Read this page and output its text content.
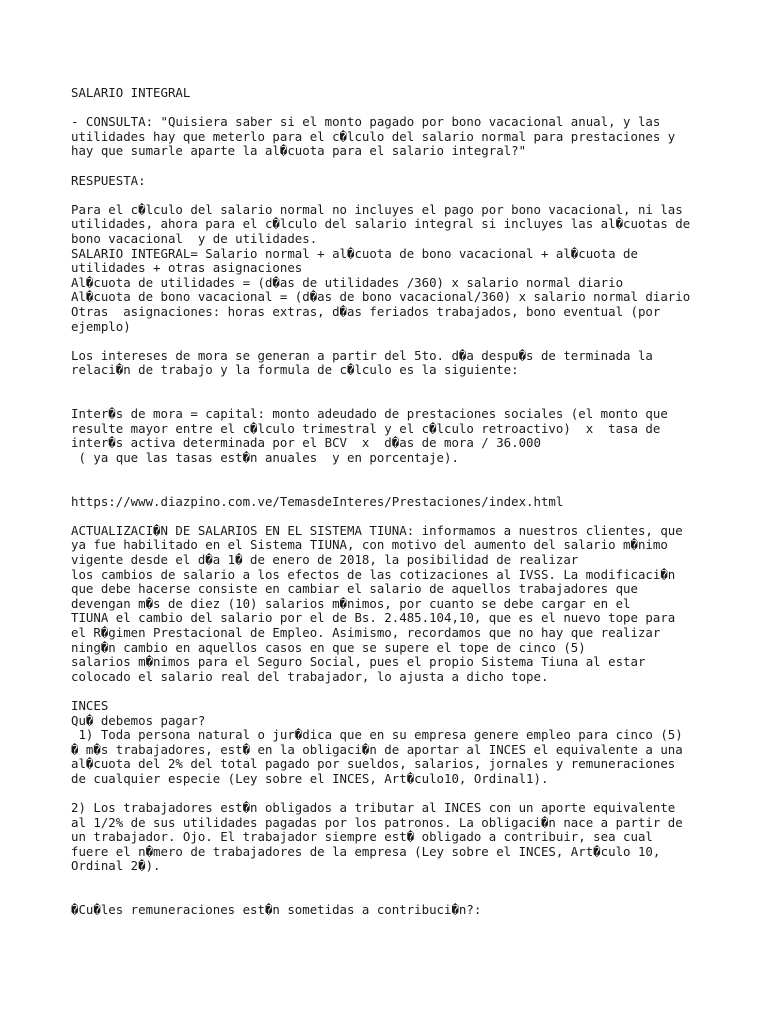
SALARIO INTEGRAL
- CONSULTA: "Quisiera saber si el monto pagado por bono vacacional anual, y las
utilidades hay que meterlo para el c�lculo del salario normal para prestaciones y
hay que sumarle aparte la al�cuota para el salario integral?"
RESPUESTA:
Para el c�lculo del salario normal no incluyes el pago por bono vacacional, ni las
utilidades, ahora para el c�lculo del salario integral si incluyes las al�cuotas de
bono vacacional  y de utilidades.
SALARIO INTEGRAL= Salario normal + al�cuota de bono vacacional + al�cuota de
utilidades + otras asignaciones
Al�cuota de utilidades = (d�as de utilidades /360) x salario normal diario
Al�cuota de bono vacacional = (d�as de bono vacacional/360) x salario normal diario
Otras  asignaciones: horas extras, d�as feriados trabajados, bono eventual (por
ejemplo)
Los intereses de mora se generan a partir del 5to. d�a despu�s de terminada la
relaci�n de trabajo y la formula de c�lculo es la siguiente:
Inter�s de mora = capital: monto adeudado de prestaciones sociales (el monto que
resulte mayor entre el c�lculo trimestral y el c�lculo retroactivo)  x  tasa de
inter�s activa determinada por el BCV  x  d�as de mora / 36.000
( ya que las tasas est�n anuales  y en porcentaje).
https://www.diazpino.com.ve/TemasdeInteres/Prestaciones/index.html
ACTUALIZACI�N DE SALARIOS EN EL SISTEMA TIUNA: informamos a nuestros clientes, que
ya fue habilitado en el Sistema TIUNA, con motivo del aumento del salario m�nimo
vigente desde el d�a 1� de enero de 2018, la posibilidad de realizar
los cambios de salario a los efectos de las cotizaciones al IVSS. La modificaci�n
que debe hacerse consiste en cambiar el salario de aquellos trabajadores que
devengan m�s de diez (10) salarios m�nimos, por cuanto se debe cargar en el
TIUNA el cambio del salario por el de Bs. 2.485.104,10, que es el nuevo tope para
el R�gimen Prestacional de Empleo. Asimismo, recordamos que no hay que realizar
ning�n cambio en aquellos casos en que se supere el tope de cinco (5)
salarios m�nimos para el Seguro Social, pues el propio Sistema Tiuna al estar
colocado el salario real del trabajador, lo ajusta a dicho tope.
INCES
Qu� debemos pagar?
1) Toda persona natural o jur�dica que en su empresa genere empleo para cinco (5)
� m�s trabajadores, est� en la obligaci�n de aportar al INCES el equivalente a una
al�cuota del 2% del total pagado por sueldos, salarios, jornales y remuneraciones
de cualquier especie (Ley sobre el INCES, Art�culo10, Ordinal1).
2) Los trabajadores est�n obligados a tributar al INCES con un aporte equivalente
al 1/2% de sus utilidades pagadas por los patronos. La obligaci�n nace a partir de
un trabajador. Ojo. El trabajador siempre est� obligado a contribuir, sea cual
fuere el n�mero de trabajadores de la empresa (Ley sobre el INCES, Art�culo 10,
Ordinal 2�).
�Cu�les remuneraciones est�n sometidas a contribuci�n?:
